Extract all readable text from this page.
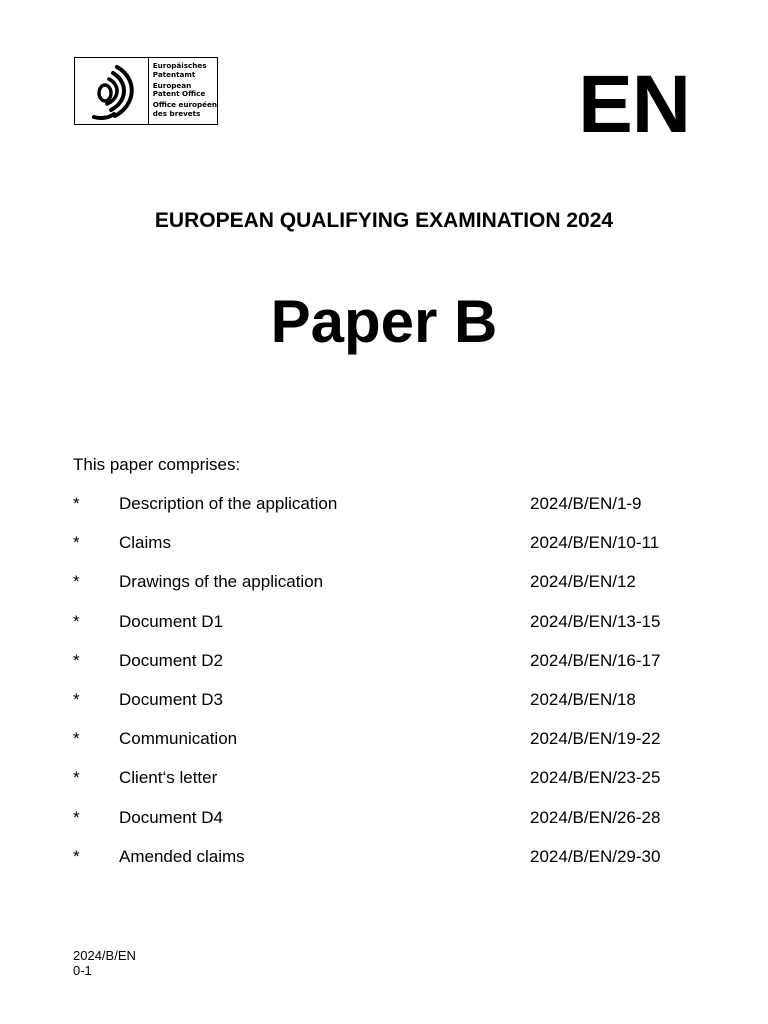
Europäisches
Patentamt
European
Patent Office
Office européen
des brevets	EN
EUROPEAN QUALIFYING EXAMINATION 2024
Paper B
This paper comprises:
* Description of the application	2024/B/EN/1-9
* Claims	2024/B/EN/10-11
* Drawings of the application	2024/B/EN/12
* Document D1	2024/B/EN/13-15
* Document D2	2024/B/EN/16-17
* Document D3	2024/B/EN/18
* Communication	2024/B/EN/19-22
* Client‘s letter	2024/B/EN/23-25
* Document D4	2024/B/EN/26-28
* Amended claims	2024/B/EN/29-30
2024/B/EN
0-1
